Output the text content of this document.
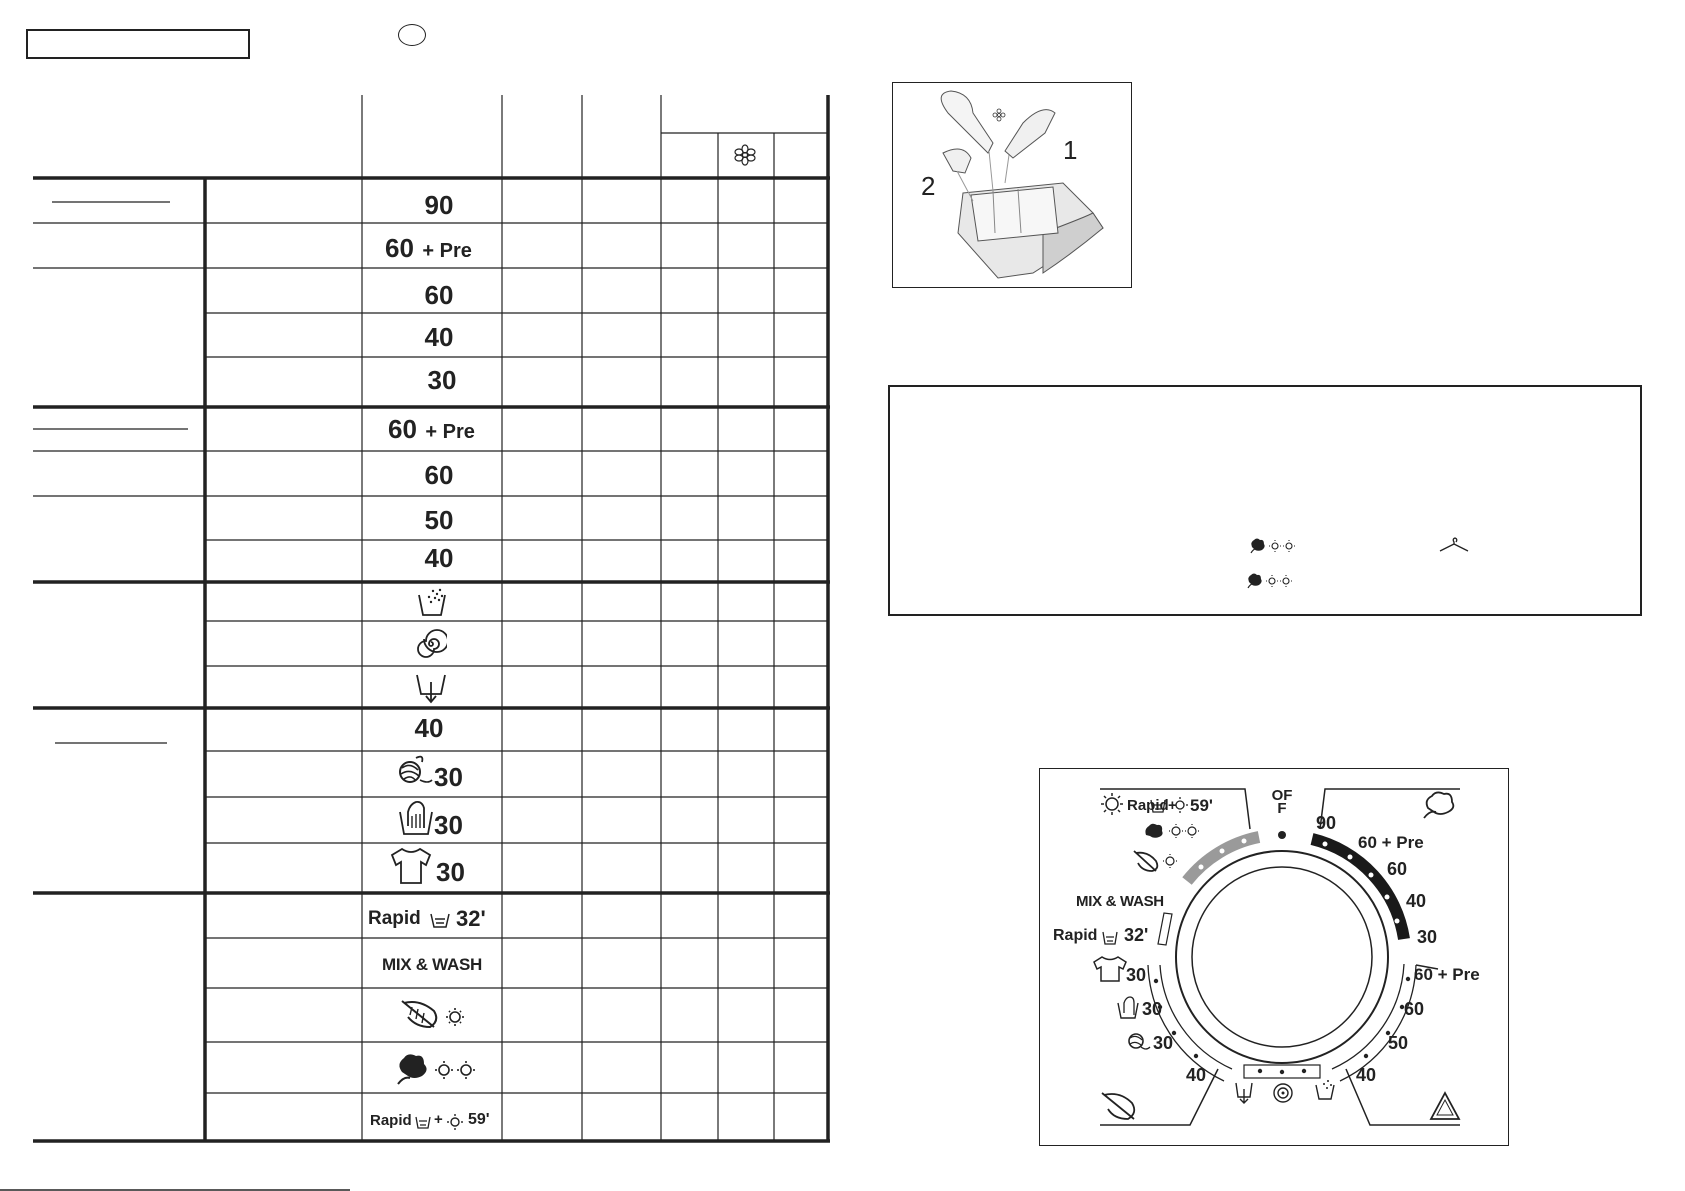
90
60 + Pre
60
40
30
60 + Pre
60
50
40
40
30
30
30
Rapid 32'
MIX & WASH
Rapid + 59'
1
2
OFF
Rapid + 59'
MIX & WASH
Rapid 32'
30
30
30
40
90
60 + Pre
60
40
30
60 + Pre
60
50
40
